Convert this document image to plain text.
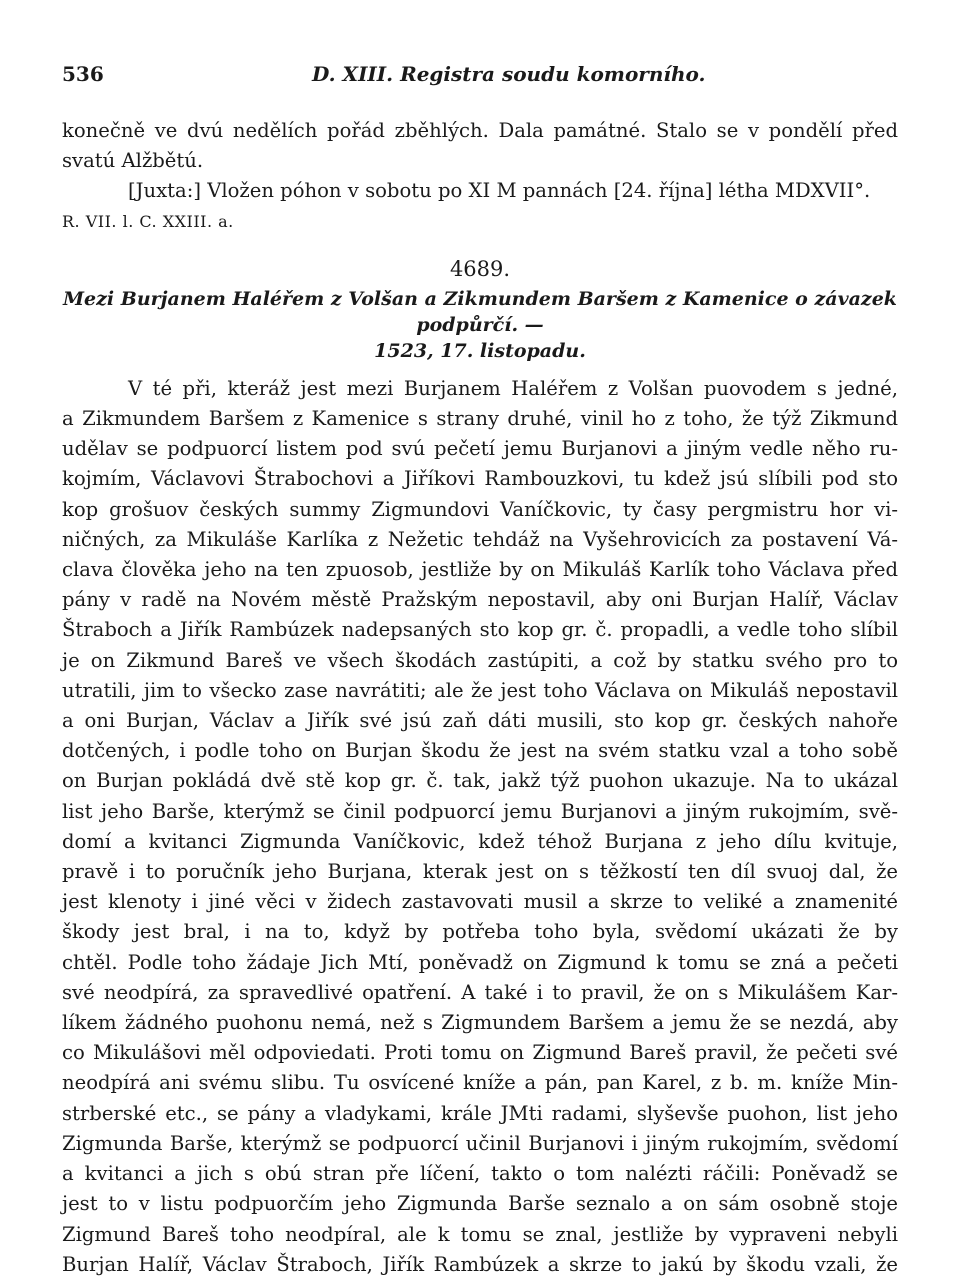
536	D. XIII. Registra soudu komorního.
konečně ve dvú nedělích pořád zběhlých. Dala památné. Stalo se v pondělí před
svatú Alžbětú.
[Juxta:] Vložen póhon v sobotu po XI M pannách [24. října] létha MDXVII°.
R. VII. l. C. XXIII. a.
4689.
Mezi Burjanem Haléřem z Volšan a Zikmundem Baršem z Kamenice o závazek podpůrčí. —
1523, 17. listopadu.
V té při, kteráž jest mezi Burjanem Haléřem z Volšan puovodem s jedné,
a Zikmundem Baršem z Kamenice s strany druhé, vinil ho z toho, že týž Zikmund
udělav se podpuorcí listem pod svú pečetí jemu Burjanovi a jiným vedle něho ru-
kojmím, Václavovi Štrabochovi a Jiříkovi Rambouzkovi, tu kdež jsú slíbili pod sto
kop grošuov českých summy Zigmundovi Vaníčkovic, ty časy pergmistru hor vi-
ničných, za Mikuláše Karlíka z Nežetic tehdáž na Vyšehrovicích za postavení Vá-
clava člověka jeho na ten zpuosob, jestliže by on Mikuláš Karlík toho Václava před
pány v radě na Novém městě Pražským nepostavil, aby oni Burjan Halíř, Václav
Štraboch a Jiřík Rambúzek nadepsaných sto kop gr. č. propadli, a vedle toho slíbil
je on Zikmund Bareš ve všech škodách zastúpiti, a což by statku svého pro to
utratili, jim to všecko zase navrátiti; ale že jest toho Václava on Mikuláš nepostavil
a oni Burjan, Václav a Jiřík své jsú zaň dáti musili, sto kop gr. českých nahoře
dotčených, i podle toho on Burjan škodu že jest na svém statku vzal a toho sobě
on Burjan pokládá dvě stě kop gr. č. tak, jakž týž puohon ukazuje. Na to ukázal
list jeho Barše, kterýmž se činil podpuorcí jemu Burjanovi a jiným rukojmím, svě-
domí a kvitanci Zigmunda Vaníčkovic, kdež téhož Burjana z jeho dílu kvituje,
pravě i to poručník jeho Burjana, kterak jest on s těžkostí ten díl svuoj dal, že
jest klenoty i jiné věci v židech zastavovati musil a skrze to veliké a znamenité
škody jest bral, i na to, když by potřeba toho byla, svědomí ukázati že by
chtěl. Podle toho žádaje Jich Mtí, poněvadž on Zigmund k tomu se zná a pečeti
své neodpírá, za spravedlivé opatření. A také i to pravil, že on s Mikulášem Kar-
líkem žádného puohonu nemá, než s Zigmundem Baršem a jemu že se nezdá, aby
co Mikulášovi měl odpoviedati. Proti tomu on Zigmund Bareš pravil, že pečeti své
neodpírá ani svému slibu. Tu osvícené kníže a pán, pan Karel, z b. m. kníže Min-
strberské etc., se pány a vladykami, krále JMti radami, slyševše puohon, list jeho
Zigmunda Barše, kterýmž se podpuorcí učinil Burjanovi i jiným rukojmím, svědomí
a kvitanci a jich s obú stran pře líčení, takto o tom nalézti ráčili: Poněvadž se
jest to v listu podpuorčím jeho Zigmunda Barše seznalo a on sám osobně stoje
Zigmund Bareš toho neodpíral, ale k tomu se znal, jestliže by vypraveni nebyli
Burjan Halíř, Václav Štraboch, Jiřík Rambúzek a skrze to jakú by škodu vzali, že
